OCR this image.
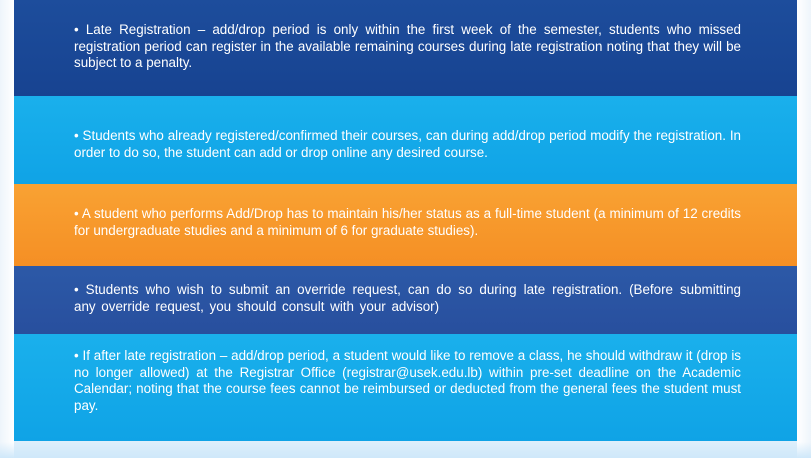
• Late Registration – add/drop period is only within the first week of the semester, students who missed registration period can register in the available remaining courses during late registration noting that they will be subject to a penalty.
• Students who already registered/confirmed their courses, can during add/drop period modify the registration. In order to do so, the student can add or drop online any desired course.
• A student who performs Add/Drop has to maintain his/her status as a full-time student (a minimum of 12 credits for undergraduate studies and a minimum of 6 for graduate studies).
• Students who wish to submit an override request, can do so during late registration. (Before submitting any override request, you should consult with your advisor)
• If after late registration – add/drop period, a student would like to remove a class, he should withdraw it (drop is no longer allowed) at the Registrar Office (registrar@usek.edu.lb) within pre-set deadline on the Academic Calendar; noting that the course fees cannot be reimbursed or deducted from the general fees the student must pay.
